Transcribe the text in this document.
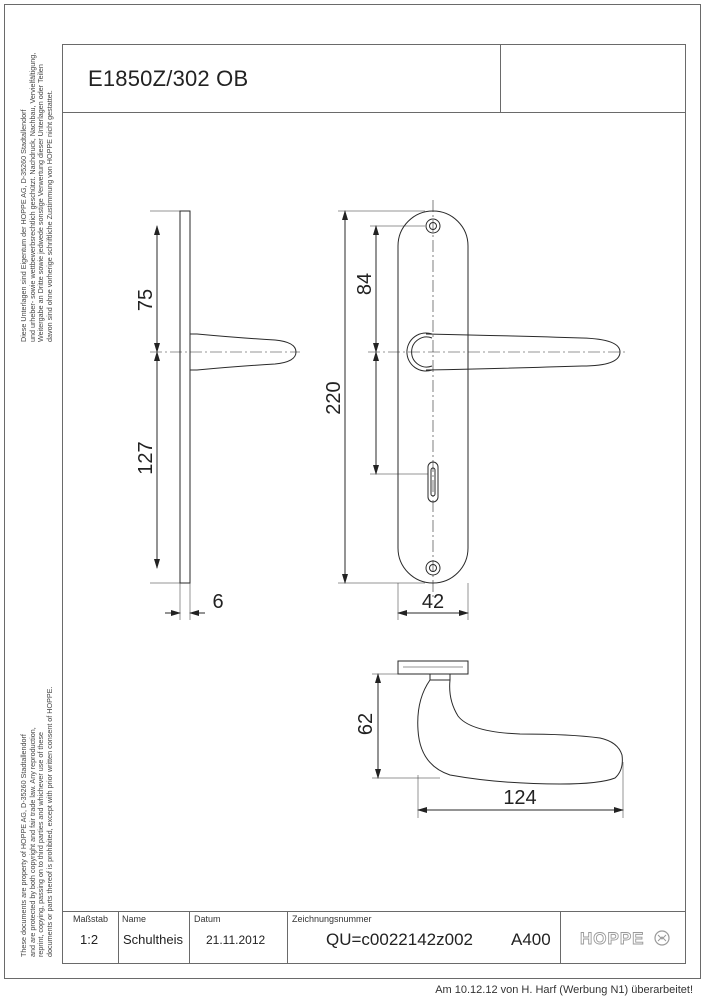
E1850Z/302 OB
Diese Unterlagen sind Eigentum der HOPPE AG, D-35260 Stadtallendorf und urheber- sowie wettbewerbsrechtlich geschützt. Nachdruck, Nachbau, Vervielfältigung, Weitergabe an Dritte sowie jedwede sonstige Verwertung dieser Unterlagen oder Teilen davon sind ohne vorherige schriftliche Zustimmung von HOPPE nicht gestattet.
These documents are property of HOPPE AG, D-35260 Stadtallendorf and are protected by both copyright and fair trade law. Any reproduction, reprint, copying, passing on to third parties and whichever use of these documents or parts thereof is prohibited, except with prior written consent of HOPPE.
75
127
6
84
220
42
62
124
Maßstab Name	Datum	Zeichnungsnummer
1:2 Schultheis 21.11.2012	QU=c0022142z002 A400 HOPPE
Am 10.12.12 von H. Harf (Werbung N1) überarbeitet!
